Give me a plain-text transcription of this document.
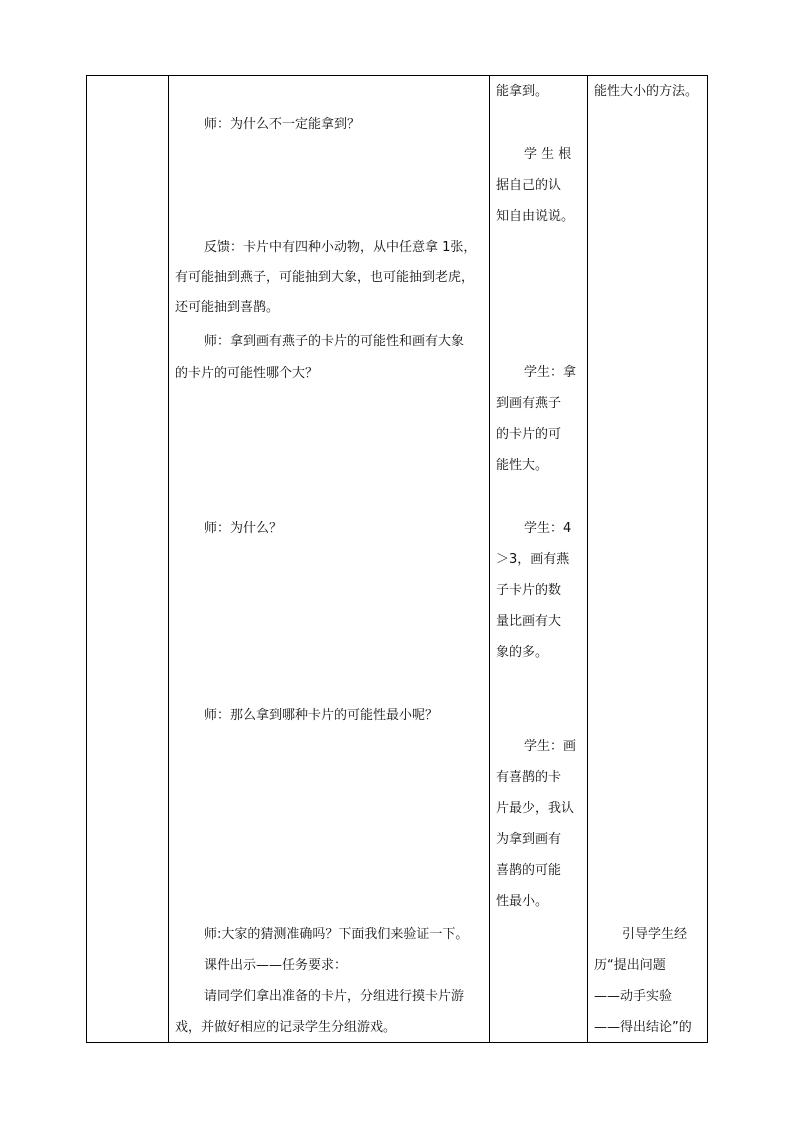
师：为什么不一定能拿到？
反馈：卡片中有四种小动物，从中任意拿 1张，
有可能抽到燕子，可能抽到大象，也可能抽到老虎，
还可能抽到喜鹊。
师：拿到画有燕子的卡片的可能性和画有大象
的卡片的可能性哪个大？
师：为什么？
师：那么拿到哪种卡片的可能性最小呢？
师:大家的猜测准确吗？下面我们来验证一下。
课件出示——任务要求：
请同学们拿出准备的卡片，分组进行摸卡片游
戏，并做好相应的记录学生分组游戏。
能拿到。
学 生 根
据自己的认
知自由说说。
学生：拿
到画有燕子
的卡片的可
能性大。
学生：4
＞3，画有燕
子卡片的数
量比画有大
象的多。
学生：画
有喜鹊的卡
片最少，我认
为拿到画有
喜鹊的可能
性最小。
能性大小的方法。
引导学生经
历“提出问题
——动手实验
——得出结论”的
